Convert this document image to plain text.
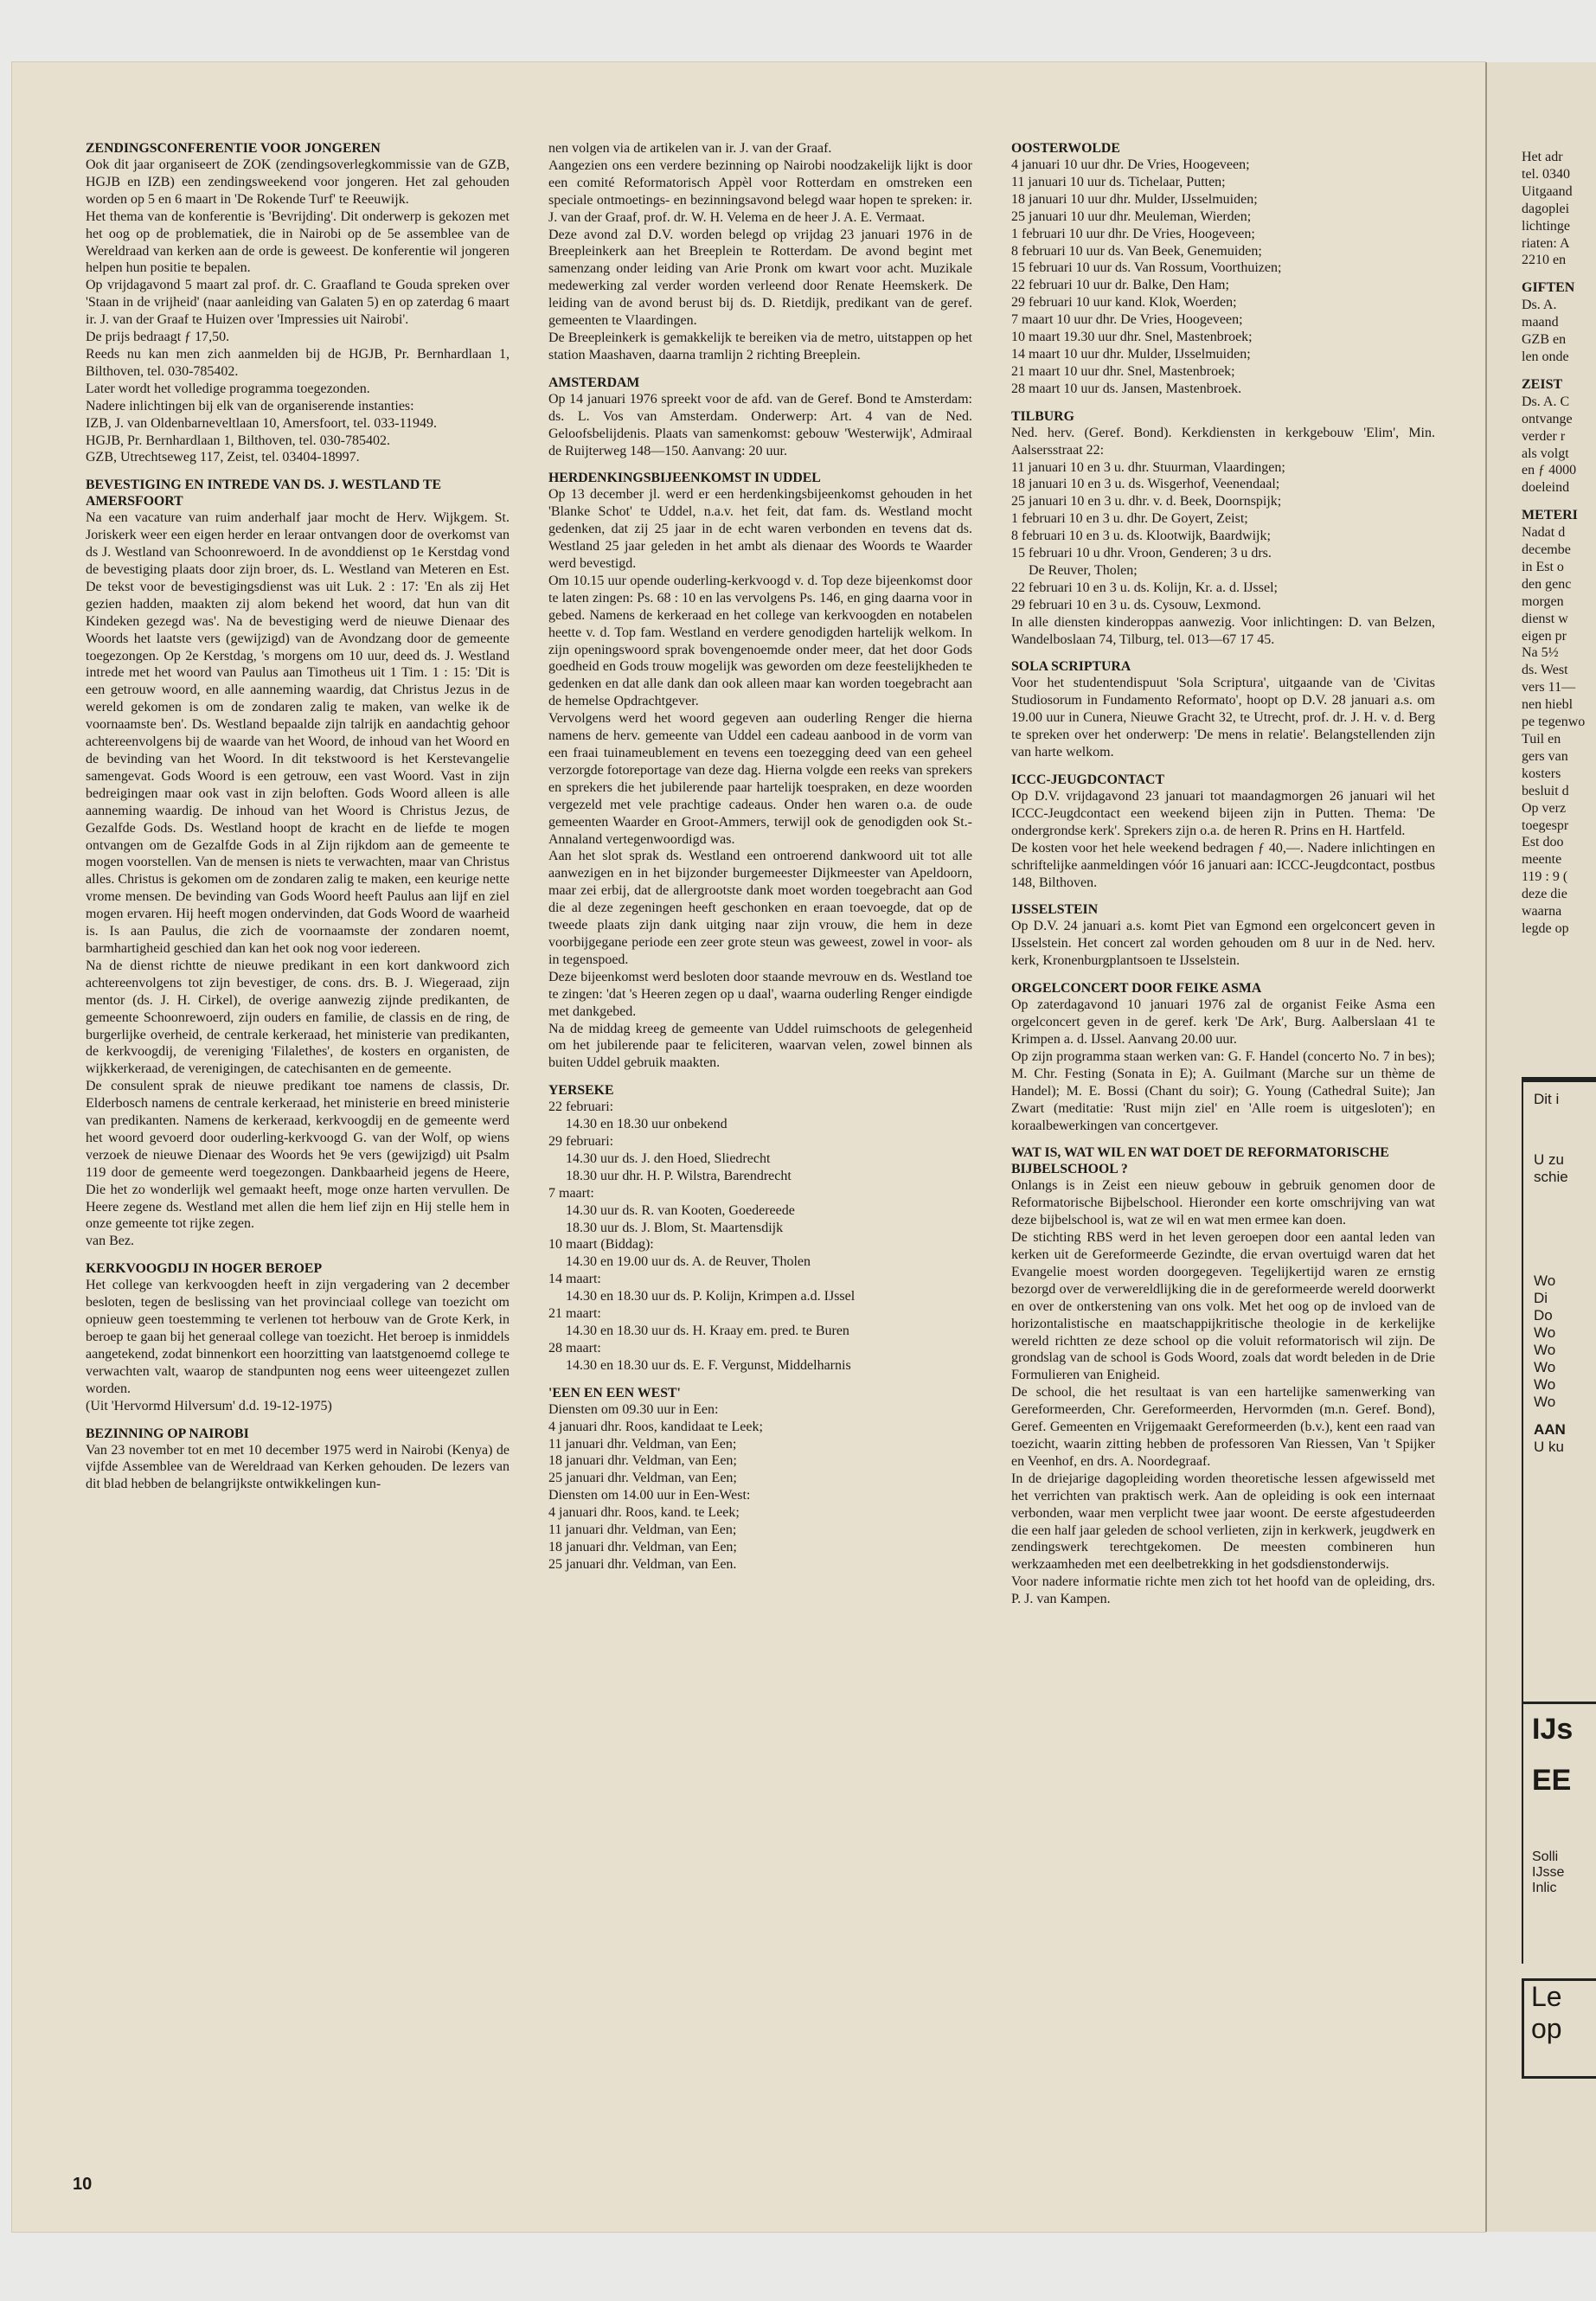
ZENDINGSCONFERENTIE VOOR JONGEREN

Ook dit jaar organiseert de ZOK (zendingsoverlegkommissie van de GZB, HGJB en IZB) een zendingsweekend voor jongeren. Het zal gehouden worden op 5 en 6 maart in 'De Rokende Turf' te Reeuwijk.

Het thema van de konferentie is 'Bevrijding'. Dit onderwerp is gekozen met het oog op de problematiek, die in Nairobi op de 5e assemblee van de Wereldraad van kerken aan de orde is geweest. De konferentie wil jongeren helpen hun positie te bepalen.

Op vrijdagavond 5 maart zal prof. dr. C. Graafland te Gouda spreken over 'Staan in de vrijheid' (naar aanleiding van Galaten 5) en op zaterdag 6 maart ir. J. van der Graaf te Huizen over 'Impressies uit Nairobi'.

De prijs bedraagt ƒ 17,50.

Reeds nu kan men zich aanmelden bij de HGJB, Pr. Bernhardlaan 1, Bilthoven, tel. 030-785402.

Later wordt het volledige programma toegezonden.

Nadere inlichtingen bij elk van de organiserende instanties:

IZB, J. van Oldenbarneveltlaan 10, Amersfoort, tel. 033-11949.

HGJB, Pr. Bernhardlaan 1, Bilthoven, tel. 030-785402.

GZB, Utrechtseweg 117, Zeist, tel. 03404-18997.

BEVESTIGING EN INTREDE VAN DS. J. WESTLAND TE AMERSFOORT

Na een vacature van ruim anderhalf jaar mocht de Herv. Wijkgem. St. Joriskerk weer een eigen herder en leraar ontvangen door de overkomst van ds J. Westland van Schoonrewoerd. In de avonddienst op 1e Kerstdag vond de bevestiging plaats door zijn broer, ds. L. Westland van Meteren en Est. De tekst voor de bevestigingsdienst was uit Luk. 2 : 17: 'En als zij Het gezien hadden, maakten zij alom bekend het woord, dat hun van dit Kindeken gezegd was'. Na de bevestiging werd de nieuwe Dienaar des Woords het laatste vers (gewijzigd) van de Avondzang door de gemeente toegezongen. Op 2e Kerstdag, 's morgens om 10 uur, deed ds. J. Westland intrede met het woord van Paulus aan Timotheus uit 1 Tim. 1 : 15: 'Dit is een getrouw woord, en alle aanneming waardig, dat Christus Jezus in de wereld gekomen is om de zondaren zalig te maken, van welke ik de voornaamste ben'. Ds. Westland bepaalde zijn talrijk en aandachtig gehoor achtereenvolgens bij de waarde van het Woord, de inhoud van het Woord en de bevinding van het Woord. In dit tekstwoord is het Kerstevangelie samengevat. Gods Woord is een getrouw, een vast Woord. Vast in zijn bedreigingen maar ook vast in zijn beloften. Gods Woord alleen is alle aanneming waardig. De inhoud van het Woord is Christus Jezus, de Gezalfde Gods. Ds. Westland hoopt de kracht en de liefde te mogen ontvangen om de Gezalfde Gods in al Zijn rijkdom aan de gemeente te mogen voorstellen. Van de mensen is niets te verwachten, maar van Christus alles. Christus is gekomen om de zondaren zalig te maken, een keurige nette vrome mensen. De bevinding van Gods Woord heeft Paulus aan lijf en ziel mogen ervaren. Hij heeft mogen ondervinden, dat Gods Woord de waarheid is. Is aan Paulus, die zich de voornaamste der zondaren noemt, barmhartigheid geschied dan kan het ook nog voor iedereen.

Na de dienst richtte de nieuwe predikant in een kort dankwoord zich achtereenvolgens tot zijn bevestiger, de cons. drs. B. J. Wiegeraad, zijn mentor (ds. J. H. Cirkel), de overige aanwezig zijnde predikanten, de gemeente Schoonrewoerd, zijn ouders en familie, de classis en de ring, de burgerlijke overheid, de centrale kerkeraad, het ministerie van predikanten, de kerkvoogdij, de vereniging 'Filalethes', de kosters en organisten, de wijkkerkeraad, de verenigingen, de catechisanten en de gemeente.

De consulent sprak de nieuwe predikant toe namens de classis, Dr. Elderbosch namens de centrale kerkeraad, het ministerie en breed ministerie van predikanten. Namens de kerkeraad, kerkvoogdij en de gemeente werd het woord gevoerd door ouderling-kerkvoogd G. van der Wolf, op wiens verzoek de nieuwe Dienaar des Woords het 9e vers (gewijzigd) uit Psalm 119 door de gemeente werd toegezongen. Dankbaarheid jegens de Heere, Die het zo wonderlijk wel gemaakt heeft, moge onze harten vervullen. De Heere zegene ds. Westland met allen die hem lief zijn en Hij stelle hem in onze gemeente tot rijke zegen.

van Bez.

KERKVOOGDIJ IN HOGER BEROEP

Het college van kerkvoogden heeft in zijn vergadering van 2 december besloten, tegen de beslissing van het provinciaal college van toezicht om opnieuw geen toestemming te verlenen tot herbouw van de Grote Kerk, in beroep te gaan bij het generaal college van toezicht. Het beroep is inmiddels aangetekend, zodat binnenkort een hoorzitting van laatstgenoemd college te verwachten valt, waarop de standpunten nog eens weer uiteengezet zullen worden.

(Uit 'Hervormd Hilversum' d.d. 19-12-1975)

BEZINNING OP NAIROBI

Van 23 november tot en met 10 december 1975 werd in Nairobi (Kenya) de vijfde Assemblee van de Wereldraad van Kerken gehouden. De lezers van dit blad hebben de belangrijkste ontwikkelingen kun-

nen volgen via de artikelen van ir. J. van der Graaf.

Aangezien ons een verdere bezinning op Nairobi noodzakelijk lijkt is door een comité Reformatorisch Appèl voor Rotterdam en omstreken een speciale ontmoetings- en bezinningsavond belegd waar hopen te spreken: ir. J. van der Graaf, prof. dr. W. H. Velema en de heer J. A. E. Vermaat.

Deze avond zal D.V. worden belegd op vrijdag 23 januari 1976 in de Breepleinkerk aan het Breeplein te Rotterdam. De avond begint met samenzang onder leiding van Arie Pronk om kwart voor acht. Muzikale medewerking zal verder worden verleend door Renate Heemskerk. De leiding van de avond berust bij ds. D. Rietdijk, predikant van de geref. gemeenten te Vlaardingen.

De Breepleinkerk is gemakkelijk te bereiken via de metro, uitstappen op het station Maashaven, daarna tramlijn 2 richting Breeplein.

AMSTERDAM

Op 14 januari 1976 spreekt voor de afd. van de Geref. Bond te Amsterdam: ds. L. Vos van Amsterdam. Onderwerp: Art. 4 van de Ned. Geloofsbelijdenis. Plaats van samenkomst: gebouw 'Westerwijk', Admiraal de Ruijterweg 148—150. Aanvang: 20 uur.

HERDENKINGSBIJEENKOMST IN UDDEL

Op 13 december jl. werd er een herdenkingsbijeenkomst gehouden in het 'Blanke Schot' te Uddel, n.a.v. het feit, dat fam. ds. Westland mocht gedenken, dat zij 25 jaar in de echt waren verbonden en tevens dat ds. Westland 25 jaar geleden in het ambt als dienaar des Woords te Waarder werd bevestigd.

Om 10.15 uur opende ouderling-kerkvoogd v. d. Top deze bijeenkomst door te laten zingen: Ps. 68 : 10 en las vervolgens Ps. 146, en ging daarna voor in gebed. Namens de kerkeraad en het college van kerkvoogden en notabelen heette v. d. Top fam. Westland en verdere genodigden hartelijk welkom. In zijn openingswoord sprak bovengenoemde onder meer, dat het door Gods goedheid en Gods trouw mogelijk was geworden om deze feestelijkheden te gedenken en dat alle dank dan ook alleen maar kan worden toegebracht aan de hemelse Opdrachtgever.

Vervolgens werd het woord gegeven aan ouderling Renger die hierna namens de herv. gemeente van Uddel een cadeau aanbood in de vorm van een fraai tuinameublement en tevens een toezegging deed van een geheel verzorgde fotoreportage van deze dag. Hierna volgde een reeks van sprekers en sprekers die het jubilerende paar hartelijk toespraken, en deze woorden vergezeld met vele prachtige cadeaus. Onder hen waren o.a. de oude gemeenten Waarder en Groot-Ammers, terwijl ook de genodigden ook St.-Annaland vertegenwoordigd was.

Aan het slot sprak ds. Westland een ontroerend dankwoord uit tot alle aanwezigen en in het bijzonder burgemeester Dijkmeester van Apeldoorn, maar zei erbij, dat de allergrootste dank moet worden toegebracht aan God die al deze zegeningen heeft geschonken en eraan toevoegde, dat op de tweede plaats zijn dank uitging naar zijn vrouw, die hem in deze voorbijgegane periode een zeer grote steun was geweest, zowel in voor- als in tegenspoed.

Deze bijeenkomst werd besloten door staande mevrouw en ds. Westland toe te zingen: 'dat 's Heeren zegen op u daal', waarna ouderling Renger eindigde met dankgebed.

Na de middag kreeg de gemeente van Uddel ruimschoots de gelegenheid om het jubilerende paar te feliciteren, waarvan velen, zowel binnen als buiten Uddel gebruik maakten.

YERSEKE
22 februari:
14.30 en 18.30 uur onbekend
29 februari:
14.30 uur ds. J. den Hoed, Sliedrecht
18.30 uur dhr. H. P. Wilstra, Barendrecht
7 maart:
14.30 uur ds. R. van Kooten, Goedereede
18.30 uur ds. J. Blom, St. Maartensdijk
10 maart (Biddag):
14.30 en 19.00 uur ds. A. de Reuver, Tholen
14 maart:
14.30 en 18.30 uur ds. P. Kolijn, Krimpen a.d. IJssel
21 maart:
14.30 en 18.30 uur ds. H. Kraay em. pred. te Buren
28 maart:
14.30 en 18.30 uur ds. E. F. Vergunst, Middelharnis
'EEN EN EEN WEST'
Diensten om 09.30 uur in Een:
4 januari dhr. Roos, kandidaat te Leek;
11 januari dhr. Veldman, van Een;
18 januari dhr. Veldman, van Een;
25 januari dhr. Veldman, van Een;
Diensten om 14.00 uur in Een-West:
4 januari dhr. Roos, kand. te Leek;
11 januari dhr. Veldman, van Een;
18 januari dhr. Veldman, van Een;
25 januari dhr. Veldman, van Een.
OOSTERWOLDE
4 januari 10 uur dhr. De Vries, Hoogeveen;
11 januari 10 uur ds. Tichelaar, Putten;
18 januari 10 uur dhr. Mulder, IJsselmuiden;
25 januari 10 uur dhr. Meuleman, Wierden;
1 februari 10 uur dhr. De Vries, Hoogeveen;
8 februari 10 uur ds. Van Beek, Genemuiden;
15 februari 10 uur ds. Van Rossum, Voorthuizen;
22 februari 10 uur dr. Balke, Den Ham;
29 februari 10 uur kand. Klok, Woerden;
7 maart 10 uur dhr. De Vries, Hoogeveen;
10 maart 19.30 uur dhr. Snel, Mastenbroek;
14 maart 10 uur dhr. Mulder, IJsselmuiden;
21 maart 10 uur dhr. Snel, Mastenbroek;
28 maart 10 uur ds. Jansen, Mastenbroek.
TILBURG

Ned. herv. (Geref. Bond). Kerkdiensten in kerkgebouw 'Elim', Min. Aalsersstraat 22:

11 januari 10 en 3 u. dhr. Stuurman, Vlaardingen;
18 januari 10 en 3 u. ds. Wisgerhof, Veenendaal;
25 januari 10 en 3 u. dhr. v. d. Beek, Doornspijk;
1 februari 10 en 3 u. dhr. De Goyert, Zeist;
8 februari 10 en 3 u. ds. Klootwijk, Baardwijk;
15 februari 10 u dhr. Vroon, Genderen; 3 u drs.
De Reuver, Tholen;
22 februari 10 en 3 u. ds. Kolijn, Kr. a. d. IJssel;
29 februari 10 en 3 u. ds. Cysouw, Lexmond.

In alle diensten kinderoppas aanwezig. Voor inlichtingen: D. van Belzen, Wandelboslaan 74, Tilburg, tel. 013—67 17 45.

SOLA SCRIPTURA

Voor het studentendispuut 'Sola Scriptura', uitgaande van de 'Civitas Studiosorum in Fundamento Reformato', hoopt op D.V. 28 januari a.s. om 19.00 uur in Cunera, Nieuwe Gracht 32, te Utrecht, prof. dr. J. H. v. d. Berg te spreken over het onderwerp: 'De mens in relatie'. Belangstellenden zijn van harte welkom.

ICCC-JEUGDCONTACT

Op D.V. vrijdagavond 23 januari tot maandagmorgen 26 januari wil het ICCC-Jeugdcontact een weekend bijeen zijn in Putten. Thema: 'De ondergrondse kerk'. Sprekers zijn o.a. de heren R. Prins en H. Hartfeld.

De kosten voor het hele weekend bedragen ƒ 40,—. Nadere inlichtingen en schriftelijke aanmeldingen vóór 16 januari aan: ICCC-Jeugdcontact, postbus 148, Bilthoven.

IJSSELSTEIN

Op D.V. 24 januari a.s. komt Piet van Egmond een orgelconcert geven in IJsselstein. Het concert zal worden gehouden om 8 uur in de Ned. herv. kerk, Kronenburgplantsoen te IJsselstein.

ORGELCONCERT DOOR FEIKE ASMA

Op zaterdagavond 10 januari 1976 zal de organist Feike Asma een orgelconcert geven in de geref. kerk 'De Ark', Burg. Aalberslaan 41 te Krimpen a. d. IJssel. Aanvang 20.00 uur.

Op zijn programma staan werken van: G. F. Handel (concerto No. 7 in bes); M. Chr. Festing (Sonata in E); A. Guilmant (Marche sur un thème de Handel); M. E. Bossi (Chant du soir); G. Young (Cathedral Suite); Jan Zwart (meditatie: 'Rust mijn ziel' en 'Alle roem is uitgesloten'); en koraalbewerkingen van concertgever.

WAT IS, WAT WIL EN WAT DOET DE REFORMATORISCHE BIJBELSCHOOL ?

Onlangs is in Zeist een nieuw gebouw in gebruik genomen door de Reformatorische Bijbelschool. Hieronder een korte omschrijving van wat deze bijbelschool is, wat ze wil en wat men ermee kan doen.

De stichting RBS werd in het leven geroepen door een aantal leden van kerken uit de Gereformeerde Gezindte, die ervan overtuigd waren dat het Evangelie moest worden doorgegeven. Tegelijkertijd waren ze ernstig bezorgd over de verwereldlijking die in de gereformeerde wereld doorwerkt en over de ontkerstening van ons volk. Met het oog op de invloed van de horizontalistische en maatschappijkritische theologie in de kerkelijke wereld richtten ze deze school op die voluit reformatorisch wil zijn. De grondslag van de school is Gods Woord, zoals dat wordt beleden in de Drie Formulieren van Enigheid.

De school, die het resultaat is van een hartelijke samenwerking van Gereformeerden, Chr. Gereformeerden, Hervormden (m.n. Geref. Bond), Geref. Gemeenten en Vrijgemaakt Gereformeerden (b.v.), kent een raad van toezicht, waarin zitting hebben de professoren Van Riessen, Van 't Spijker en Veenhof, en drs. A. Noordegraaf.

In de driejarige dagopleiding worden theoretische lessen afgewisseld met het verrichten van praktisch werk. Aan de opleiding is ook een internaat verbonden, waar men verplicht twee jaar woont. De eerste afgestudeerden die een half jaar geleden de school verlieten, zijn in kerkwerk, jeugdwerk en zendingswerk terechtgekomen. De meesten combineren hun werkzaamheden met een deelbetrekking in het godsdienstonderwijs.

Voor nadere informatie richte men zich tot het hoofd van de opleiding, drs. P. J. van Kampen.

10
Het adr
tel. 0340
Uitgaand
dagoplei
lichtinge
riaten: A
2210 en
GIFTEN
Ds. A.
maand
GZB en
len onde
ZEIST
Ds. A. C
ontvange
verder r
als volgt
en ƒ 4000
doeleind
METERI
Nadat d
decembe
in Est o
den genc
morgen
dienst w
eigen pr
Na 5½
ds. West
vers 11—
nen hiebl
pe tegenwo
Tuil en
gers van
kosters
besluit d
Op verz
toegespr
Est doo
meente
119 : 9 (
deze die
waarna
legde op
Dit i
U zu
schie
Wo
Di
Do
Wo
Wo
Wo
Wo
Wo
AAN
U ku
IJs
EE
Solli
IJsse
Inlic
Le
op
